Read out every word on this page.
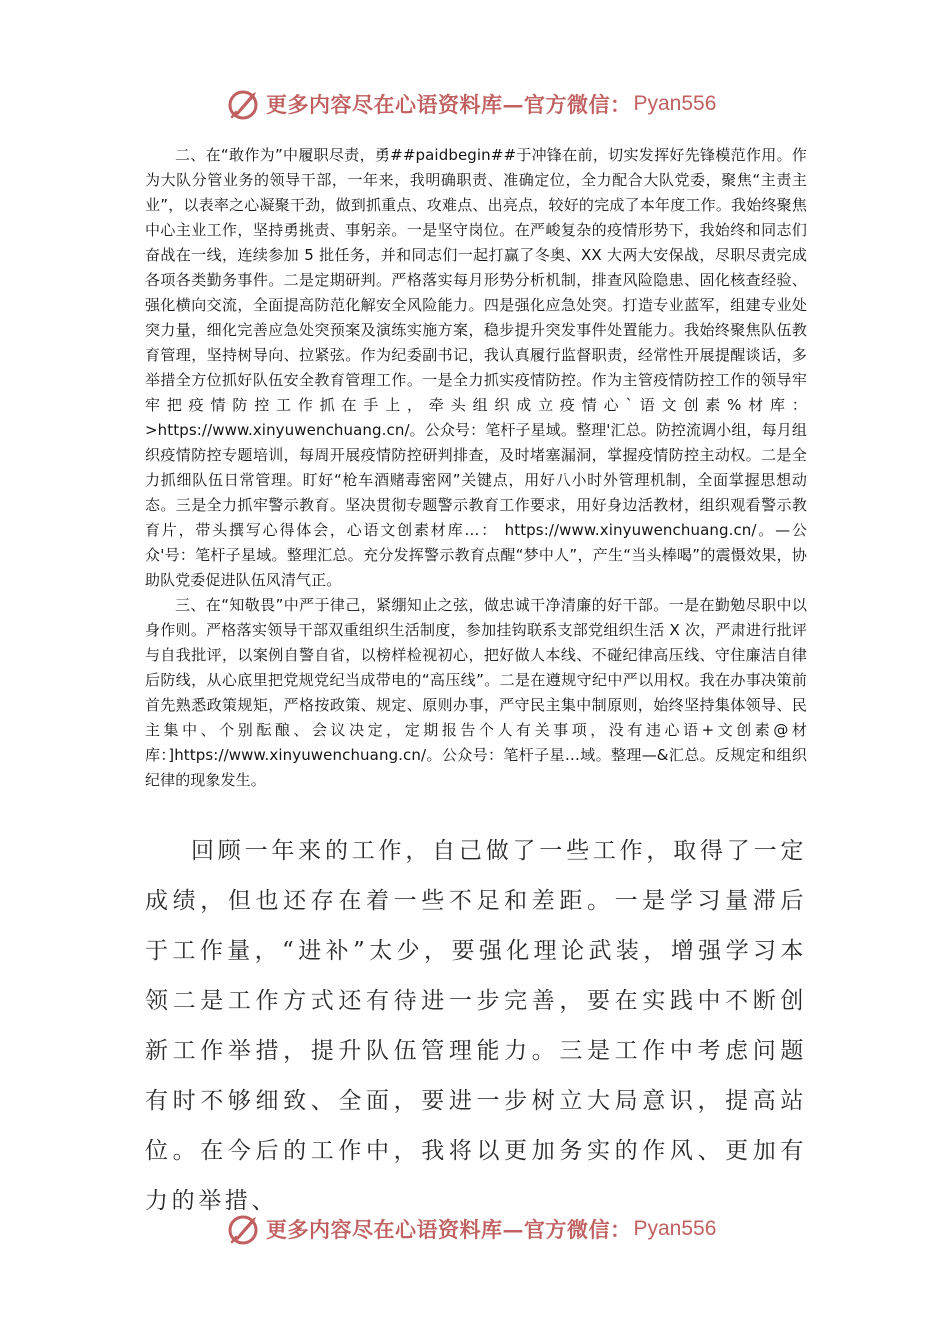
更多内容尽在心语资料库—官方微信： Pyan556

二、在“敢作为”中履职尽责，勇##paidbegin##于冲锋在前，切实发挥好先锋模范作用。作为大队分管业务的领导干部，一年来，我明确职责、准确定位，全力配合大队党委，聚焦“主责主业”，以表率之心凝聚干劲，做到抓重点、攻难点、出亮点，较好的完成了本年度工作。我始终聚焦中心主业工作，坚持勇挑责、事躬亲。一是坚守岗位。在严峻复杂的疫情形势下，我始终和同志们奋战在一线，连续参加 5 批任务，并和同志们一起打赢了冬奥、XX 大两大安保战，尽职尽责完成各项各类勤务事件。二是定期研判。严格落实每月形势分析机制，排查风险隐患、固化核查经验、强化横向交流，全面提高防范化解安全风险能力。四是强化应急处突。打造专业蓝军，组建专业处突力量，细化完善应急处突预案及演练实施方案，稳步提升突发事件处置能力。我始终聚焦队伍教育管理，坚持树导向、拉紧弦。作为纪委副书记，我认真履行监督职责，经常性开展提醒谈话，多举措全方位抓好队伍安全教育管理工作。一是全力抓实疫情防控。作为主管疫情防控工作的领导牢牢把疫情防控工作抓在手上，牵头组织成立疫情心`语文创素%材库： >https://www.xinyuwenchuang.cn/。公众号：笔杆子星域。整理'汇总。防控流调小组，每月组织疫情防控专题培训，每周开展疫情防控研判排查，及时堵塞漏洞，掌握疫情防控主动权。二是全力抓细队伍日常管理。盯好“枪车酒赌毒密网”关键点，用好八小时外管理机制，全面掌握思想动态。三是全力抓牢警示教育。坚决贯彻专题警示教育工作要求，用好身边活教材，组织观看警示教育片，带头撰写心得体会，心语文创素材库…： https://www.xinyuwenchuang.cn/。—公众'号：笔杆子星域。整理汇总。充分发挥警示教育点醒“梦中人”，产生“当头棒喝”的震慑效果，协助队党委促进队伍风清气正。

三、在“知敬畏”中严于律己，紧绷知止之弦，做忠诚干净清廉的好干部。一是在勤勉尽职中以身作则。严格落实领导干部双重组织生活制度，参加挂钩联系支部党组织生活 X 次，严肃进行批评与自我批评，以案例自警自省，以榜样检视初心，把好做人本线、不碰纪律高压线、守住廉洁自律后防线，从心底里把党规党纪当成带电的“高压线”。二是在遵规守纪中严以用权。我在办事决策前首先熟悉政策规矩，严格按政策、规定、原则办事，严守民主集中制原则，始终坚持集体领导、民主集中、个别酝酿、会议决定，定期报告个人有关事项，没有违心语+文创素@材库：]https://www.xinyuwenchuang.cn/。公众号：笔杆子星…域。整理—&汇总。反规定和组织纪律的现象发生。

回顾一年来的工作，自己做了一些工作，取得了一定成绩，但也还存在着一些不足和差距。一是学习量滞后于工作量，“进补”太少，要强化理论武装，增强学习本领二是工作方式还有待进一步完善，要在实践中不断创新工作举措，提升队伍管理能力。三是工作中考虑问题有时不够细致、全面，要进一步树立大局意识，提高站位。在今后的工作中，我将以更加务实的作风、更加有力的举措、

更多内容尽在心语资料库—官方微信： Pyan556
